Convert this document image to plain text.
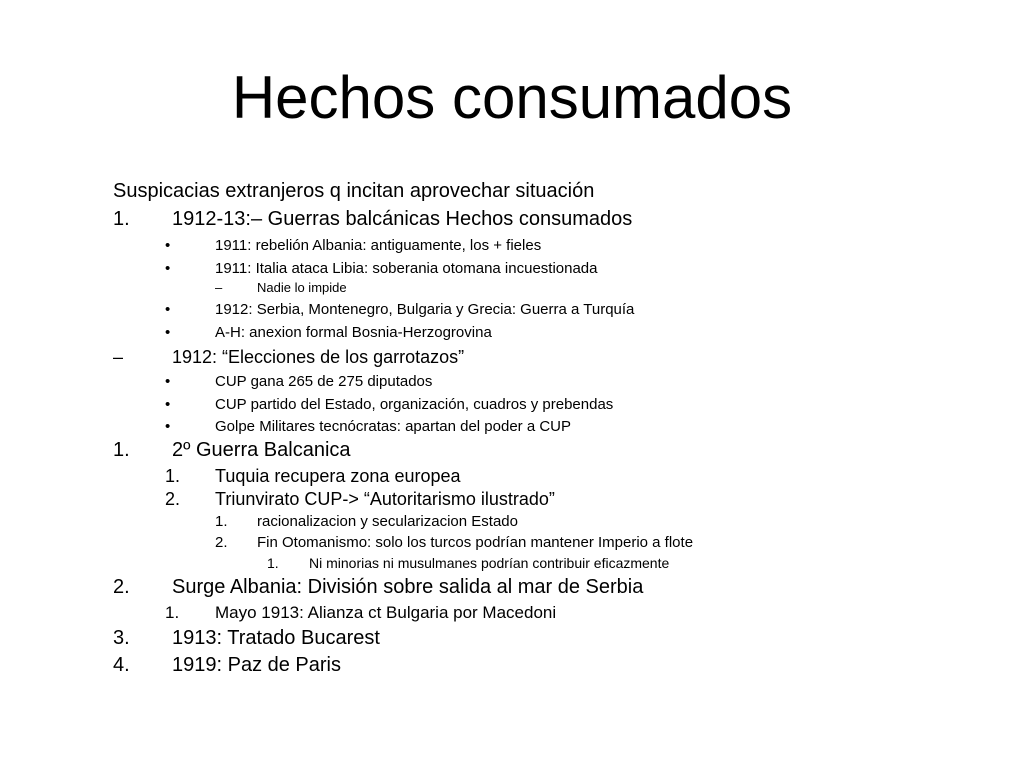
Hechos consumados
Suspicacias extranjeros q incitan aprovechar situación
1. 1912-13:– Guerras balcánicas Hechos consumados
•	1911: rebelión Albania: antiguamente, los + fieles
•	1911: Italia ataca Libia: soberania otomana incuestionada
–	Nadie lo impide
•	1912: Serbia, Montenegro, Bulgaria y Grecia: Guerra a Turquía
•	A-H: anexion formal Bosnia-Herzogrovina
–	1912: “Elecciones de los garrotazos”
•	CUP gana 265 de 275 diputados
•	CUP partido del Estado, organización, cuadros y prebendas
•	Golpe Militares tecnócratas: apartan del poder a CUP
1. 2º Guerra Balcanica
1. Tuquia recupera zona europea
2. Triunvirato CUP-> “Autoritarismo ilustrado”
1. racionalizacion y secularizacion Estado
2. Fin Otomanismo: solo los turcos podrían mantener Imperio a flote
1. Ni minorias ni musulmanes podrían contribuir eficazmente
2. Surge Albania: División sobre salida al mar de Serbia
1. Mayo 1913: Alianza ct Bulgaria por Macedoni
3. 1913: Tratado Bucarest
4. 1919: Paz de Paris
